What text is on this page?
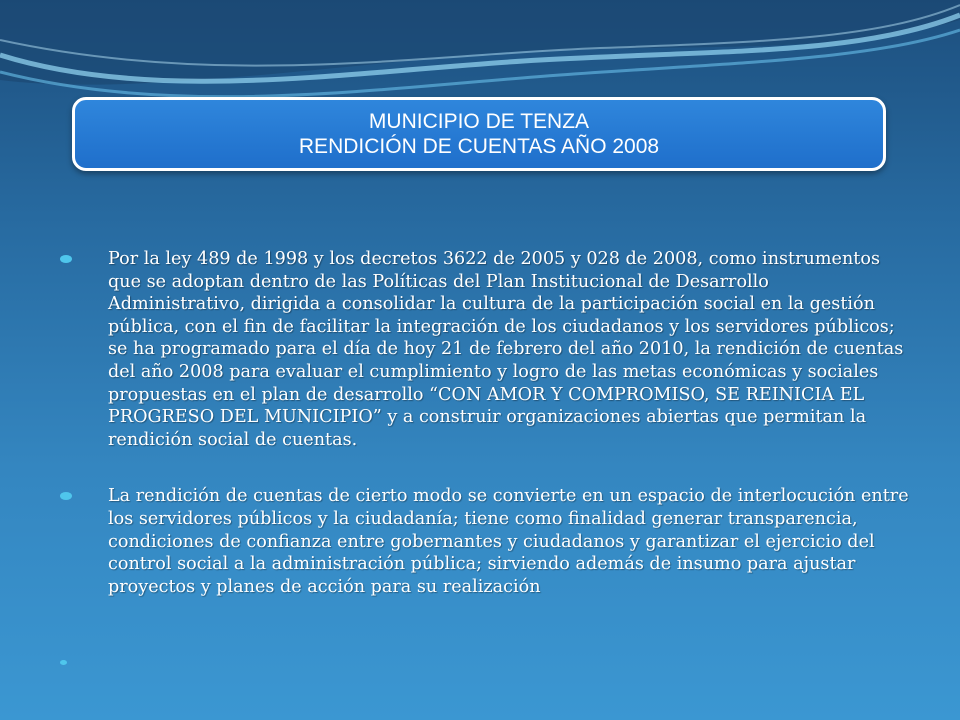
MUNICIPIO DE TENZA
RENDICIÓN DE CUENTAS AÑO 2008

Por la ley 489 de 1998 y los decretos 3622 de 2005 y 028 de 2008, como instrumentos que se adoptan dentro de las Políticas del Plan Institucional de Desarrollo Administrativo, dirigida a consolidar la cultura de la participación social en la gestión pública, con el fin de facilitar la integración de los ciudadanos y los servidores públicos; se ha programado para el día de hoy 21 de febrero del año 2010, la rendición de cuentas del año 2008 para evaluar el cumplimiento y logro de las metas económicas y sociales propuestas en el plan de desarrollo “CON AMOR Y COMPROMISO, SE REINICIA EL PROGRESO DEL MUNICIPIO” y a construir organizaciones abiertas que permitan la rendición social de cuentas.

La rendición de cuentas de cierto modo se convierte en un espacio de interlocución entre los servidores públicos y la ciudadanía; tiene como finalidad generar transparencia, condiciones de confianza entre gobernantes y ciudadanos y garantizar el ejercicio del control social a la administración pública; sirviendo además de insumo para ajustar proyectos y planes de acción para su realización
